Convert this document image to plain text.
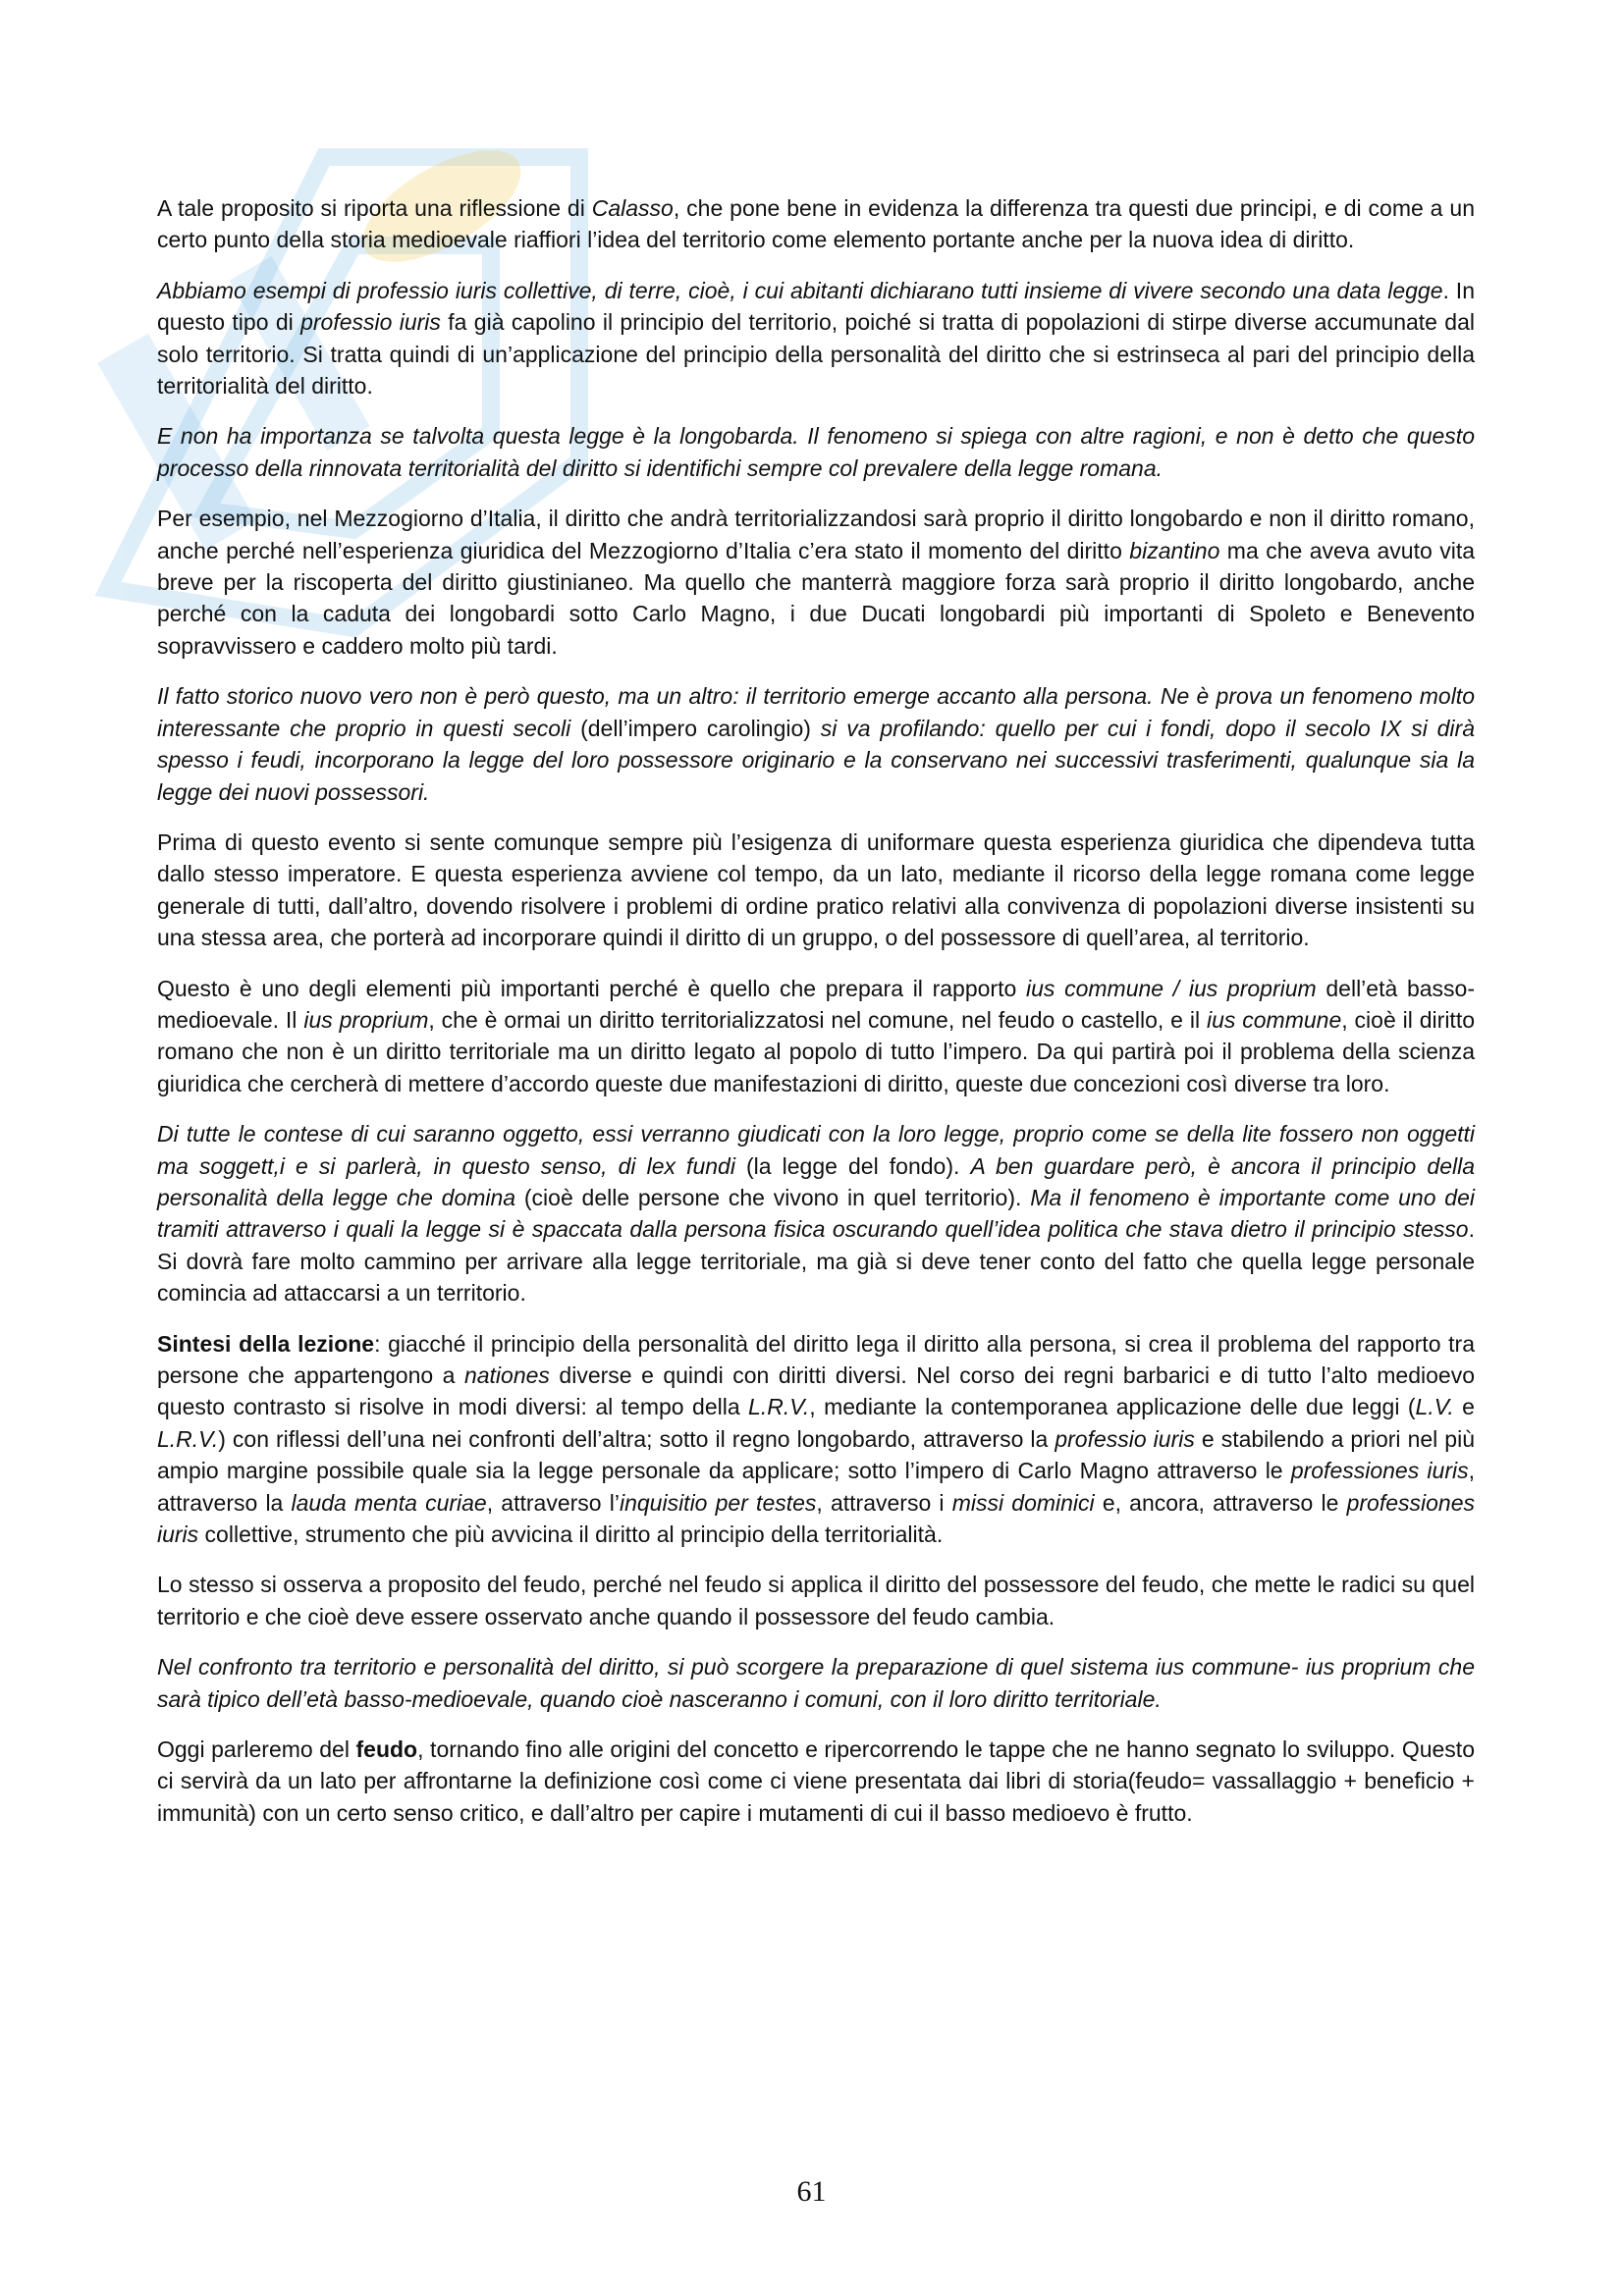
A tale proposito si riporta una riflessione di Calasso, che pone bene in evidenza la differenza tra questi due principi, e di come a un certo punto della storia medioevale riaffiori l’idea del territorio come elemento portante anche per la nuova idea di diritto.

Abbiamo esempi di professio iuris collettive, di terre, cioè, i cui abitanti dichiarano tutti insieme di vivere secondo una data legge. In questo tipo di professio iuris fa già capolino il principio del territorio, poiché si tratta di popolazioni di stirpe diverse accumunate dal solo territorio. Si tratta quindi di un’applicazione del principio della personalità del diritto che si estrinseca al pari del principio della territorialità del diritto.

E non ha importanza se talvolta questa legge è la longobarda. Il fenomeno si spiega con altre ragioni, e non è detto che questo processo della rinnovata territorialità del diritto si identifichi sempre col prevalere della legge romana.

Per esempio, nel Mezzogiorno d’Italia, il diritto che andrà territorializzandosi sarà proprio il diritto longobardo e non il diritto romano, anche perché nell’esperienza giuridica del Mezzogiorno d’Italia c’era stato il momento del diritto bizantino ma che aveva avuto vita breve per la riscoperta del diritto giustinianeo. Ma quello che manterrà maggiore forza sarà proprio il diritto longobardo, anche perché con la caduta dei longobardi sotto Carlo Magno, i due Ducati longobardi più importanti di Spoleto e Benevento sopravvissero e caddero molto più tardi.

Il fatto storico nuovo vero non è però questo, ma un altro: il territorio emerge accanto alla persona. Ne è prova un fenomeno molto interessante che proprio in questi secoli (dell’impero carolingio) si va profilando: quello per cui i fondi, dopo il secolo IX si dirà spesso i feudi, incorporano la legge del loro possessore originario e la conservano nei successivi trasferimenti, qualunque sia la legge dei nuovi possessori.

Prima di questo evento si sente comunque sempre più l’esigenza di uniformare questa esperienza giuridica che dipendeva tutta dallo stesso imperatore. E questa esperienza avviene col tempo, da un lato, mediante il ricorso della legge romana come legge generale di tutti, dall’altro, dovendo risolvere i problemi di ordine pratico relativi alla convivenza di popolazioni diverse insistenti su una stessa area, che porterà ad incorporare quindi il diritto di un gruppo, o del possessore di quell’area, al territorio.

Questo è uno degli elementi più importanti perché è quello che prepara il rapporto ius commune / ius proprium dell’età basso-medioevale. Il ius proprium, che è ormai un diritto territorializzatosi nel comune, nel feudo o castello, e il ius commune, cioè il diritto romano che non è un diritto territoriale ma un diritto legato al popolo di tutto l’impero. Da qui partirà poi il problema della scienza giuridica che cercherà di mettere d’accordo queste due manifestazioni di diritto, queste due concezioni così diverse tra loro.

Di tutte le contese di cui saranno oggetto, essi verranno giudicati con la loro legge, proprio come se della lite fossero non oggetti ma soggett,i e si parlerà, in questo senso, di lex fundi (la legge del fondo). A ben guardare però, è ancora il principio della personalità della legge che domina (cioè delle persone che vivono in quel territorio). Ma il fenomeno è importante come uno dei tramiti attraverso i quali la legge si è spaccata dalla persona fisica oscurando quell’idea politica che stava dietro il principio stesso. Si dovrà fare molto cammino per arrivare alla legge territoriale, ma già si deve tener conto del fatto che quella legge personale comincia ad attaccarsi a un territorio.

Sintesi della lezione: giacché il principio della personalità del diritto lega il diritto alla persona, si crea il problema del rapporto tra persone che appartengono a nationes diverse e quindi con diritti diversi. Nel corso dei regni barbarici e di tutto l’alto medioevo questo contrasto si risolve in modi diversi: al tempo della L.R.V., mediante la contemporanea applicazione delle due leggi (L.V. e L.R.V.) con riflessi dell’una nei confronti dell’altra; sotto il regno longobardo, attraverso la professio iuris e stabilendo a priori nel più ampio margine possibile quale sia la legge personale da applicare; sotto l’impero di Carlo Magno attraverso le professiones iuris, attraverso la lauda menta curiae, attraverso l’inquisitio per testes, attraverso i missi dominici e, ancora, attraverso le professiones iuris collettive, strumento che più avvicina il diritto al principio della territorialità.

Lo stesso si osserva a proposito del feudo, perché nel feudo si applica il diritto del possessore del feudo, che mette le radici su quel territorio e che cioè deve essere osservato anche quando il possessore del feudo cambia.

Nel confronto tra territorio e personalità del diritto, si può scorgere la preparazione di quel sistema ius commune- ius proprium che sarà tipico dell’età basso-medioevale, quando cioè nasceranno i comuni, con il loro diritto territoriale.

Oggi parleremo del feudo, tornando fino alle origini del concetto e ripercorrendo le tappe che ne hanno segnato lo sviluppo. Questo ci servirà da un lato per affrontarne la definizione così come ci viene presentata dai libri di storia(feudo= vassallaggio + beneficio + immunità) con un certo senso critico, e dall’altro per capire i mutamenti di cui il basso medioevo è frutto.

61
